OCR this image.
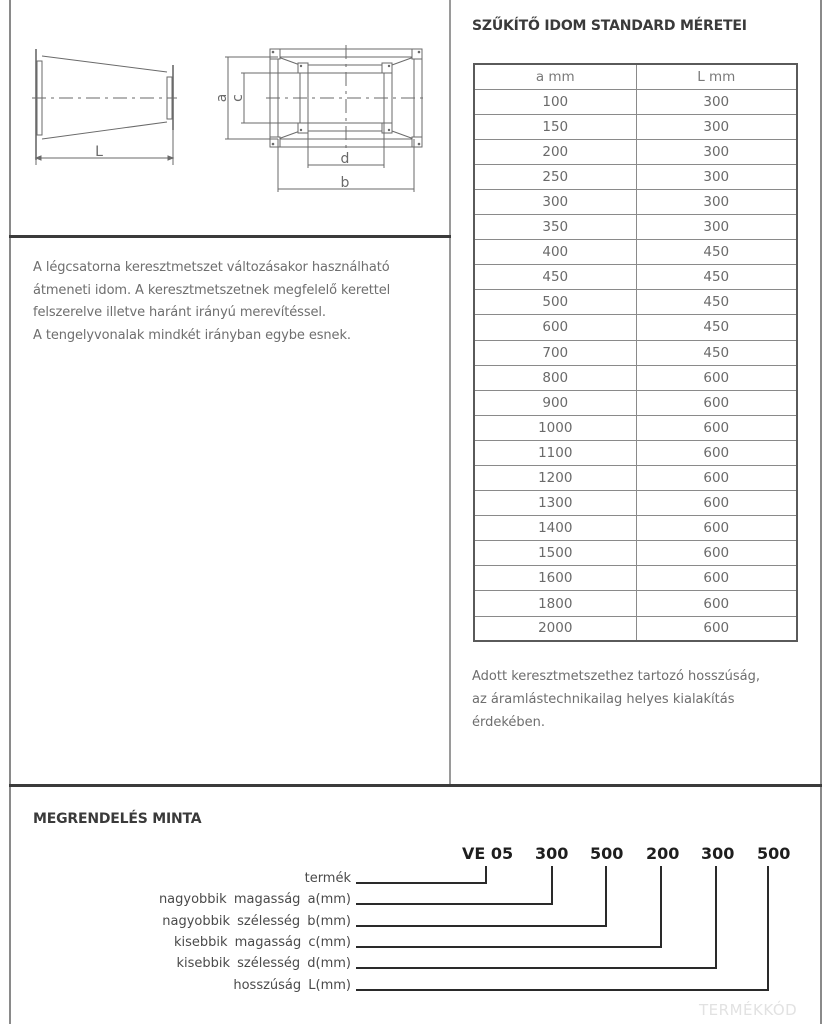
L
a c
d
b
A légcsatorna keresztmetszet változásakor használható
átmeneti idom. A keresztmetszetnek megfelelő kerettel
felszerelve illetve haránt irányú merevítéssel.
A tengelyvonalak mindkét irányban egybe esnek.
SZŰKÍTŐ IDOM STANDARD MÉRETEI
a mm	L mm
100	300
150	300
200	300
250	300
300	300
350	300
400	450
450	450
500	450
600	450
700	450
800	600
900	600
1000	600
1100	600
1200	600
1300	600
1400	600
1500	600
1600	600
1800	600
2000	600
Adott keresztmetszethez tartozó hosszúság,
az áramlástechnikailag helyes kialakítás
érdekében.
MEGRENDELÉS MINTA
VE 05 300 500 200 300 500
termék
nagyobbik magasság a(mm)
nagyobbik szélesség b(mm)
kisebbik magasság c(mm)
kisebbik szélesség d(mm)
hosszúság L(mm)
TERMÉKKÓD
